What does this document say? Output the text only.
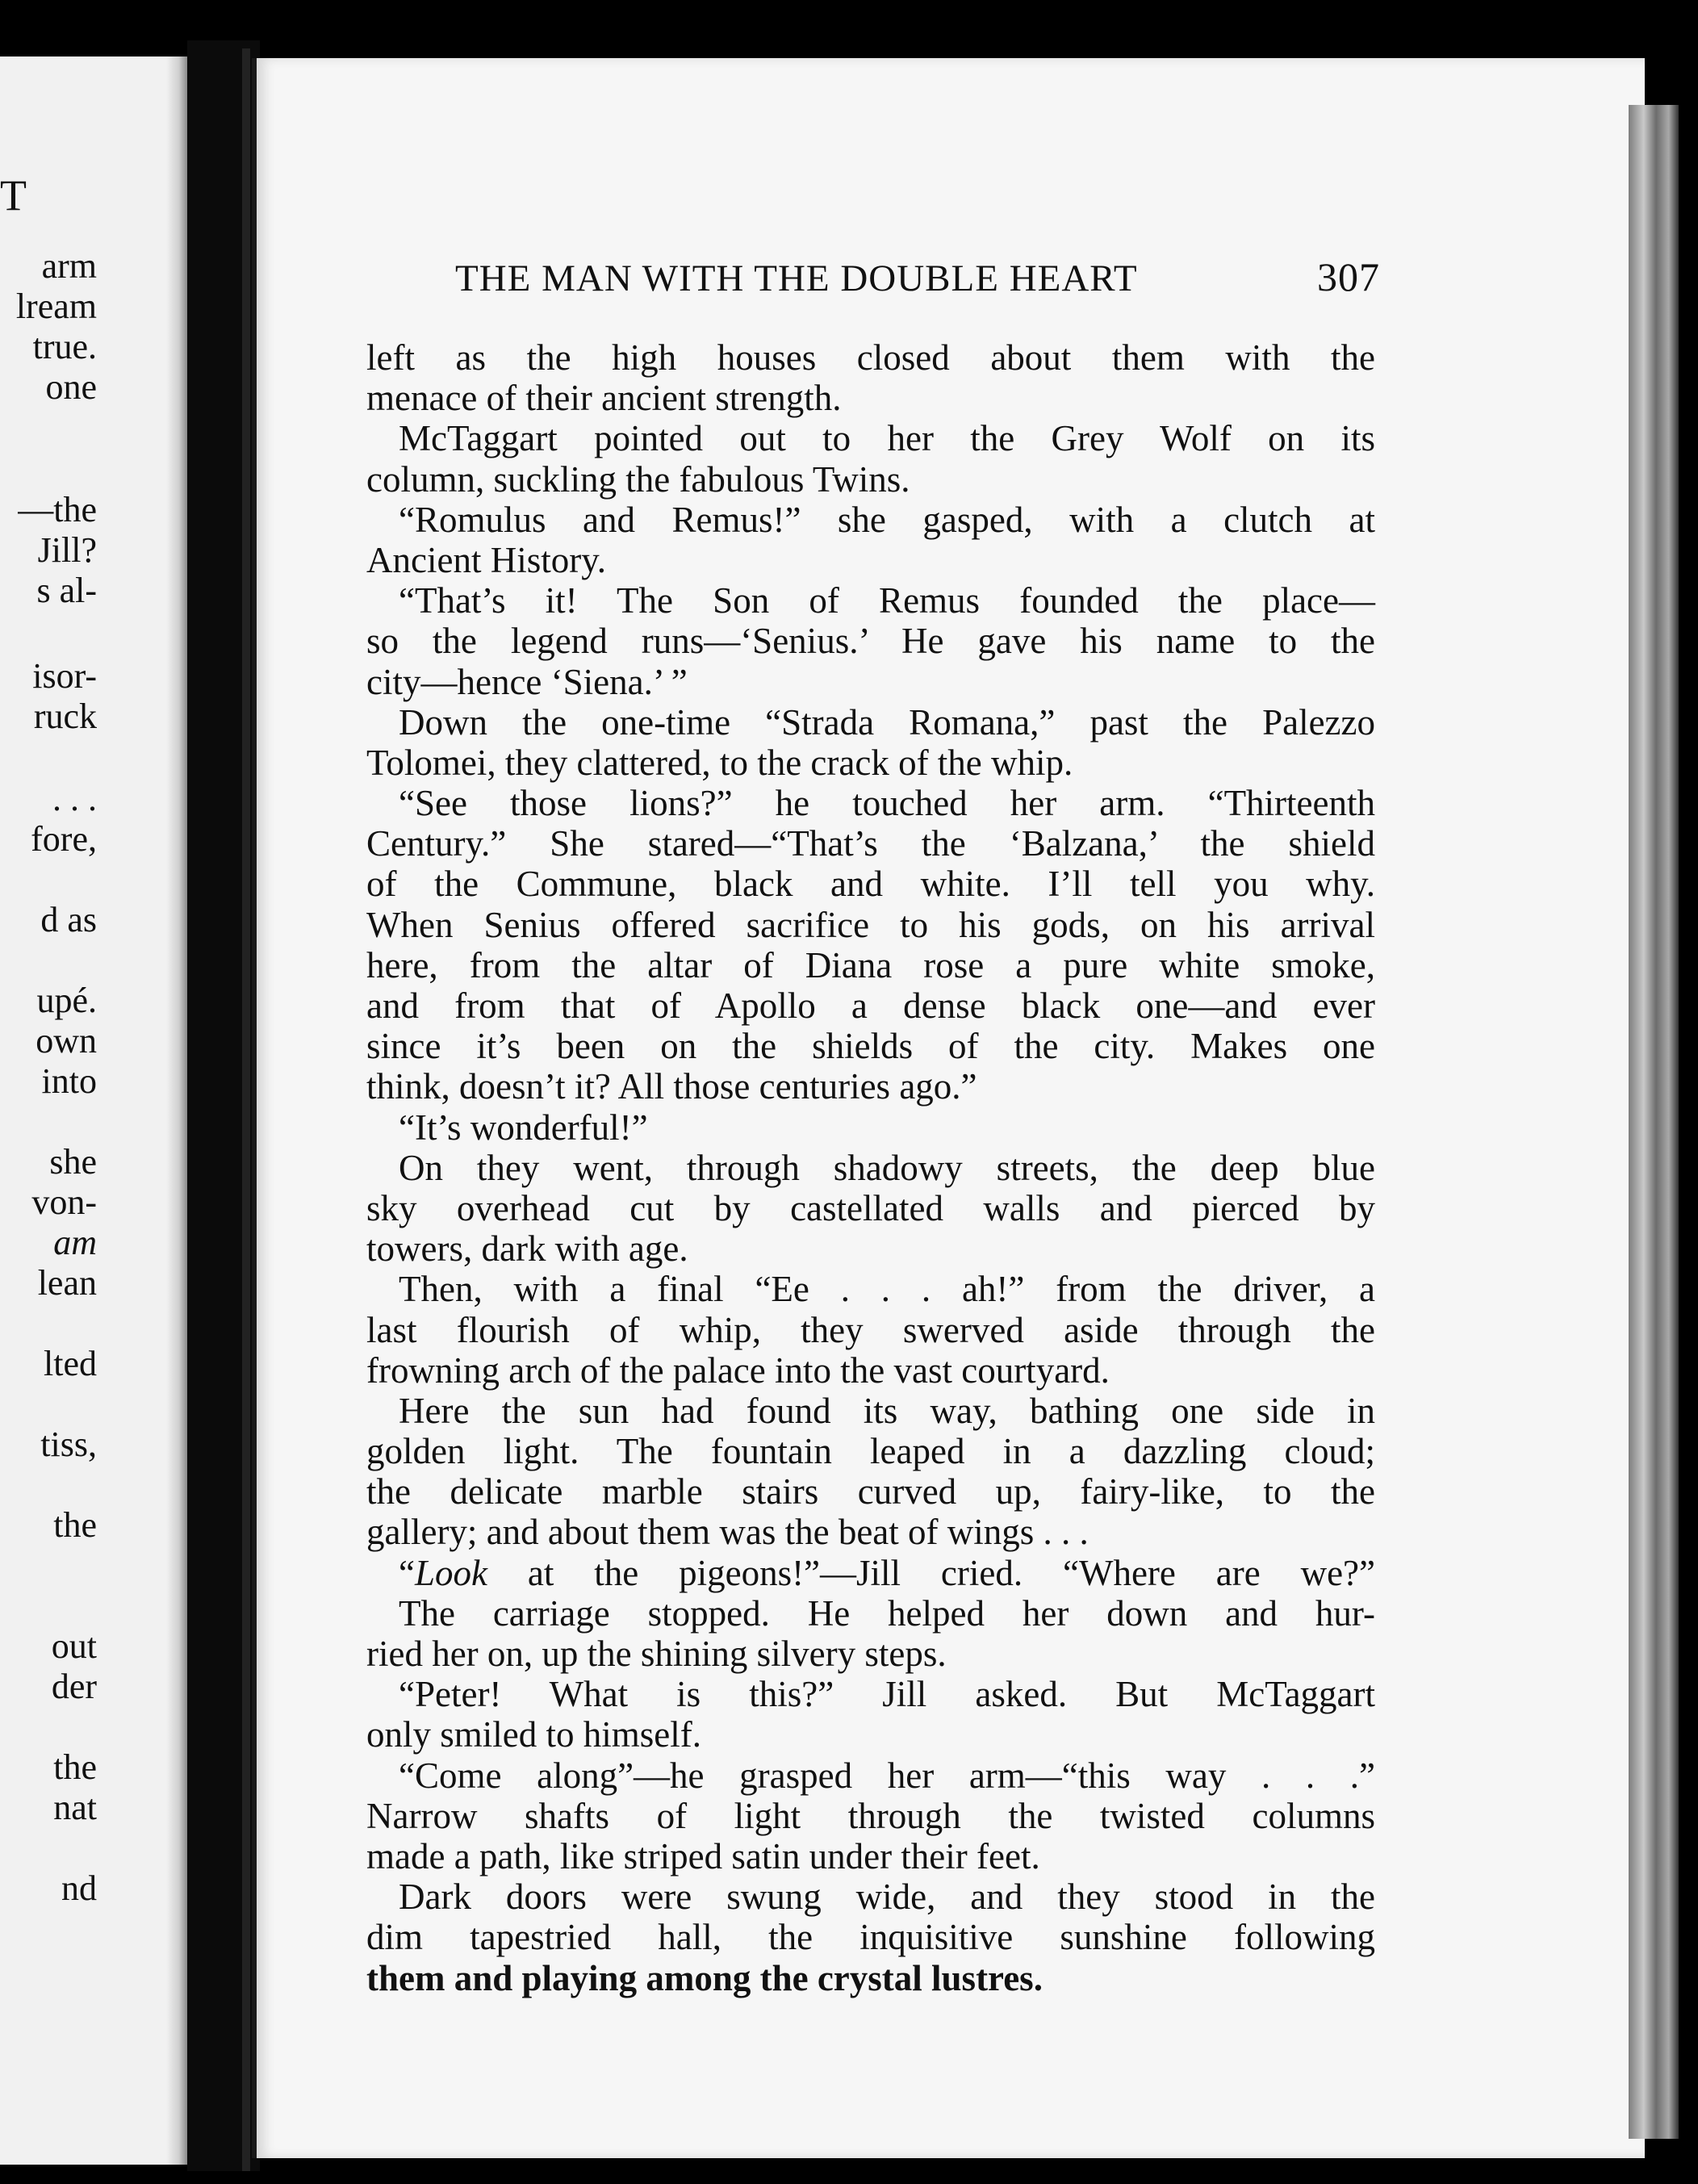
T
arm
lream
true.
one
—the
Jill?
s al-
isor-
ruck
. . .
fore,
d as
upé.
own
into
she
von-
am
lean
lted
tiss,
the
out
der
the
nat
nd
THE MAN WITH THE DOUBLE HEART	307
left as the high houses closed about them with the
menace of their ancient strength.
McTaggart pointed out to her the Grey Wolf on its
column, suckling the fabulous Twins.
“Romulus and Remus!” she gasped, with a clutch at
Ancient History.
“That’s it! The Son of Remus founded the place—
so the legend runs—‘Senius.’ He gave his name to the
city—hence ‘Siena.’ ”
Down the one-time “Strada Romana,” past the Palezzo
Tolomei, they clattered, to the crack of the whip.
“See those lions?” he touched her arm. “Thirteenth
Century.” She stared—“That’s the ‘Balzana,’ the shield
of the Commune, black and white. I’ll tell you why.
When Senius offered sacrifice to his gods, on his arrival
here, from the altar of Diana rose a pure white smoke,
and from that of Apollo a dense black one—and ever
since it’s been on the shields of the city. Makes one
think, doesn’t it? All those centuries ago.”
“It’s wonderful!”
On they went, through shadowy streets, the deep blue
sky overhead cut by castellated walls and pierced by
towers, dark with age.
Then, with a final “Ee . . . ah!” from the driver, a
last flourish of whip, they swerved aside through the
frowning arch of the palace into the vast courtyard.
Here the sun had found its way, bathing one side in
golden light. The fountain leaped in a dazzling cloud;
the delicate marble stairs curved up, fairy-like, to the
gallery; and about them was the beat of wings . . .
“Look at the pigeons!”—Jill cried. “Where are we?”
The carriage stopped. He helped her down and hur-
ried her on, up the shining silvery steps.
“Peter! What is this?” Jill asked. But McTaggart
only smiled to himself.
“Come along”—he grasped her arm—“this way . . .”
Narrow shafts of light through the twisted columns
made a path, like striped satin under their feet.
Dark doors were swung wide, and they stood in the
dim tapestried hall, the inquisitive sunshine following
them and playing among the crystal lustres.
